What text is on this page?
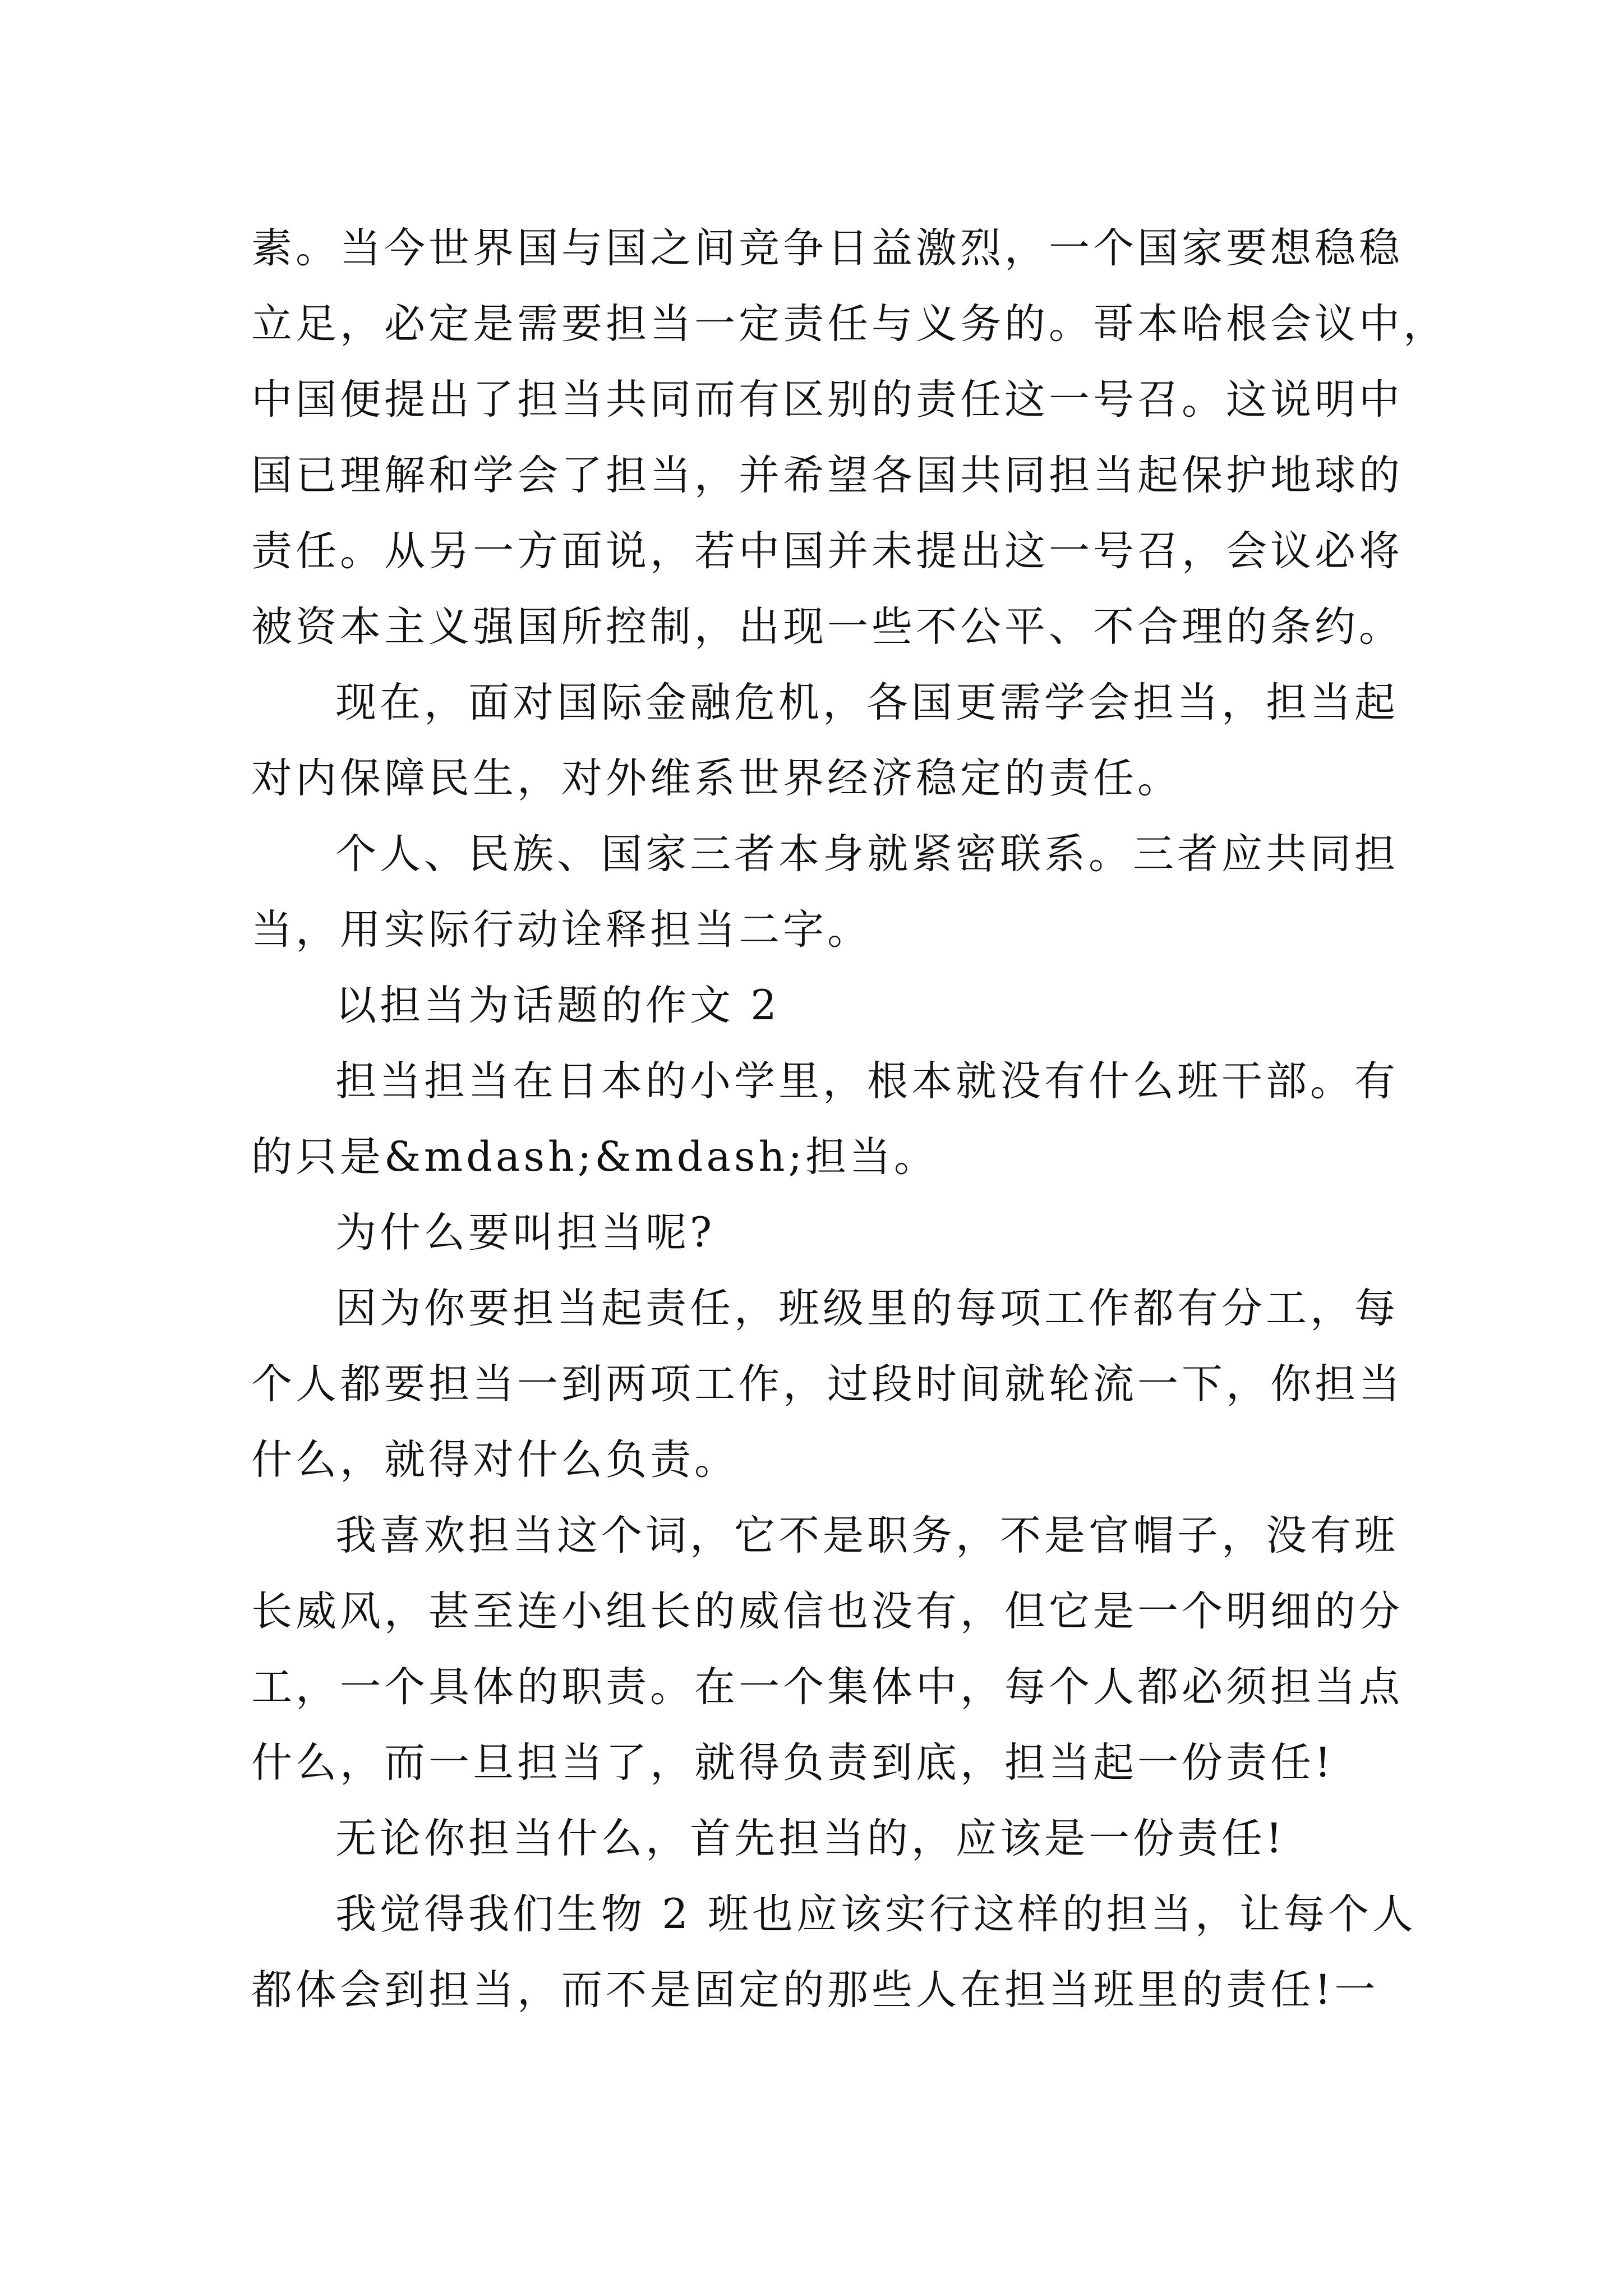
素。当今世界国与国之间竞争日益激烈，一个国家要想稳稳
立足，必定是需要担当一定责任与义务的。哥本哈根会议中，
中国便提出了担当共同而有区别的责任这一号召。这说明中
国已理解和学会了担当，并希望各国共同担当起保护地球的
责任。从另一方面说，若中国并未提出这一号召，会议必将
被资本主义强国所控制，出现一些不公平、不合理的条约。
现在，面对国际金融危机，各国更需学会担当，担当起
对内保障民生，对外维系世界经济稳定的责任。
个人、民族、国家三者本身就紧密联系。三者应共同担
当，用实际行动诠释担当二字。
以担当为话题的作文 2
担当担当在日本的小学里，根本就没有什么班干部。有
的只是&mdash;&mdash;担当。
为什么要叫担当呢?
因为你要担当起责任，班级里的每项工作都有分工，每
个人都要担当一到两项工作，过段时间就轮流一下，你担当
什么，就得对什么负责。
我喜欢担当这个词，它不是职务，不是官帽子，没有班
长威风，甚至连小组长的威信也没有，但它是一个明细的分
工，一个具体的职责。在一个集体中，每个人都必须担当点
什么，而一旦担当了，就得负责到底，担当起一份责任!
无论你担当什么，首先担当的，应该是一份责任!
我觉得我们生物 2 班也应该实行这样的担当，让每个人
都体会到担当，而不是固定的那些人在担当班里的责任!一
